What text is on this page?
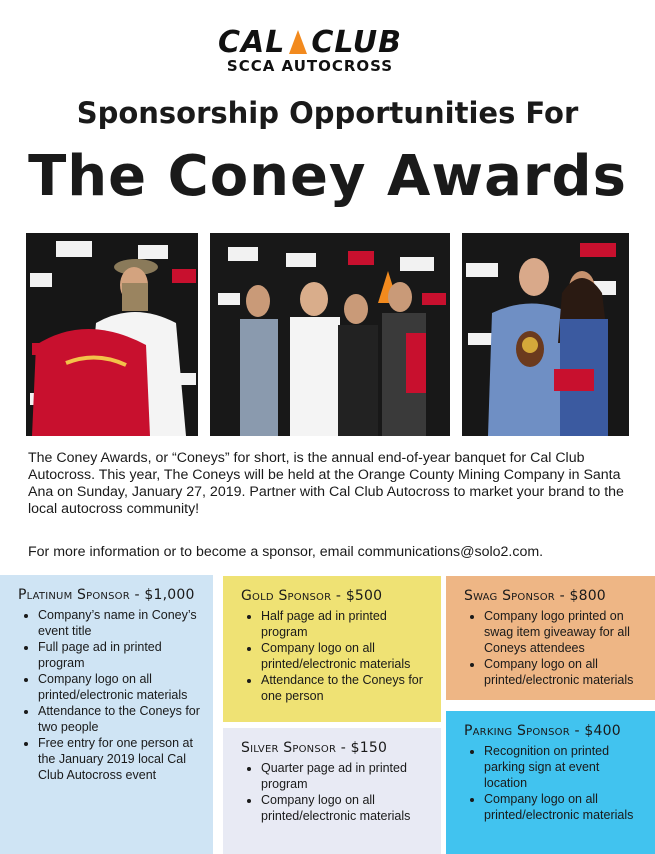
CAL CLUB
SCCA AUTOCROSS
Sponsorship Opportunities For
The Coney Awards
The Coney Awards, or “Coneys” for short, is the annual end-of-year banquet for Cal Club Autocross. This year, The Coneys will be held at the Orange County Mining Company in Santa Ana on Sunday, January 27, 2019. Partner with Cal Club Autocross to market your brand to the local autocross community!
For more information or to become a sponsor, email communications@solo2.com.
Platinum Sponsor - $1,000
• Company’s name in Coney’s event title
• Full page ad in printed program
• Company logo on all printed/electronic materials
• Attendance to the Coneys for two people
• Free entry for one person at the January 2019 local Cal Club Autocross event
Gold Sponsor - $500
• Half page ad in printed program
• Company logo on all printed/electronic materials
• Attendance to the Coneys for one person
Silver Sponsor - $150
• Quarter page ad in printed program
• Company logo on all printed/electronic materials
Swag Sponsor - $800
• Company logo printed on swag item giveaway for all Coneys attendees
• Company logo on all printed/electronic materials
Parking Sponsor - $400
• Recognition on printed parking sign at event location
• Company logo on all printed/electronic materials
